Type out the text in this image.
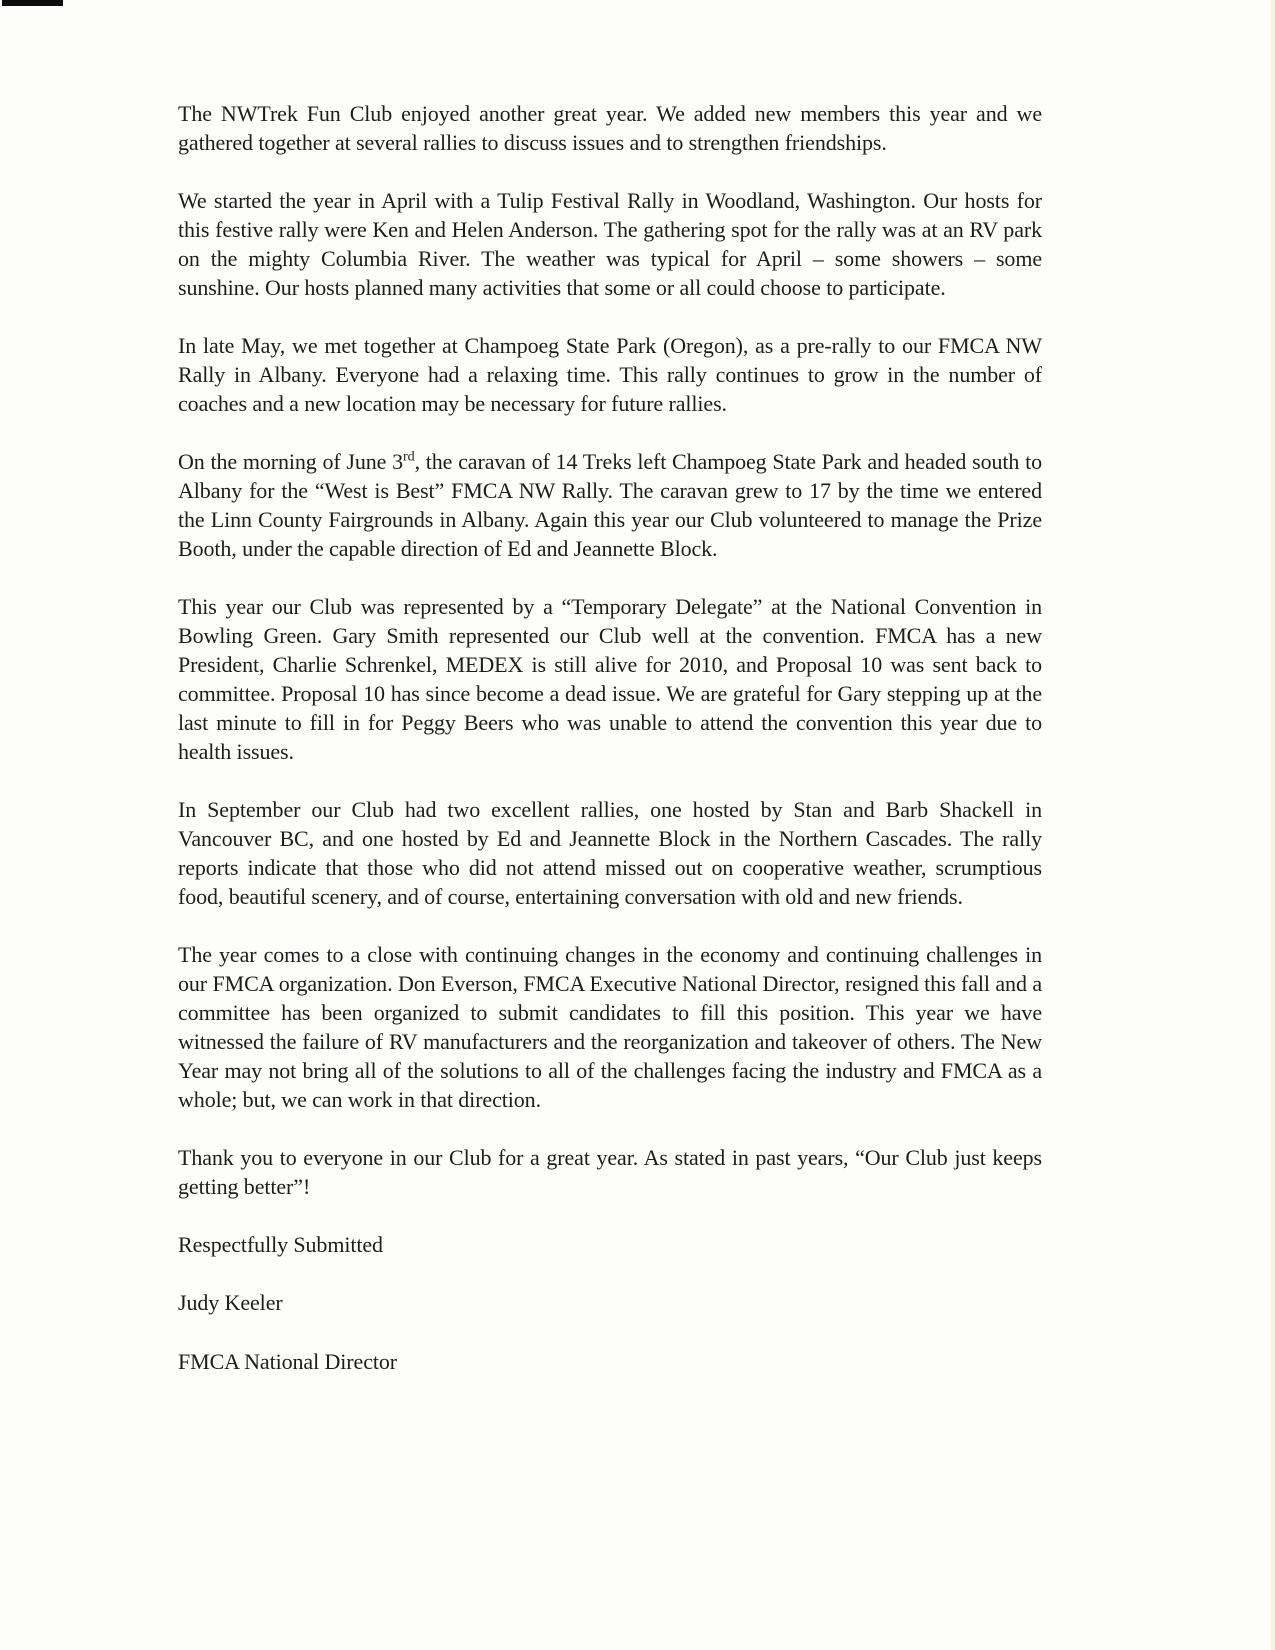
The NWTrek Fun Club enjoyed another great year. We added new members this year and we gathered together at several rallies to discuss issues and to strengthen friendships.

We started the year in April with a Tulip Festival Rally in Woodland, Washington. Our hosts for this festive rally were Ken and Helen Anderson. The gathering spot for the rally was at an RV park on the mighty Columbia River. The weather was typical for April – some showers – some sunshine. Our hosts planned many activities that some or all could choose to participate.

In late May, we met together at Champoeg State Park (Oregon), as a pre-rally to our FMCA NW Rally in Albany. Everyone had a relaxing time. This rally continues to grow in the number of coaches and a new location may be necessary for future rallies.

On the morning of June 3rd, the caravan of 14 Treks left Champoeg State Park and headed south to Albany for the “West is Best” FMCA NW Rally. The caravan grew to 17 by the time we entered the Linn County Fairgrounds in Albany. Again this year our Club volunteered to manage the Prize Booth, under the capable direction of Ed and Jeannette Block.

This year our Club was represented by a “Temporary Delegate” at the National Convention in Bowling Green. Gary Smith represented our Club well at the convention. FMCA has a new President, Charlie Schrenkel, MEDEX is still alive for 2010, and Proposal 10 was sent back to committee. Proposal 10 has since become a dead issue. We are grateful for Gary stepping up at the last minute to fill in for Peggy Beers who was unable to attend the convention this year due to health issues.

In September our Club had two excellent rallies, one hosted by Stan and Barb Shackell in Vancouver BC, and one hosted by Ed and Jeannette Block in the Northern Cascades. The rally reports indicate that those who did not attend missed out on cooperative weather, scrumptious food, beautiful scenery, and of course, entertaining conversation with old and new friends.

The year comes to a close with continuing changes in the economy and continuing challenges in our FMCA organization. Don Everson, FMCA Executive National Director, resigned this fall and a committee has been organized to submit candidates to fill this position. This year we have witnessed the failure of RV manufacturers and the reorganization and takeover of others. The New Year may not bring all of the solutions to all of the challenges facing the industry and FMCA as a whole; but, we can work in that direction.

Thank you to everyone in our Club for a great year. As stated in past years, “Our Club just keeps getting better”!

Respectfully Submitted

Judy Keeler

FMCA National Director
